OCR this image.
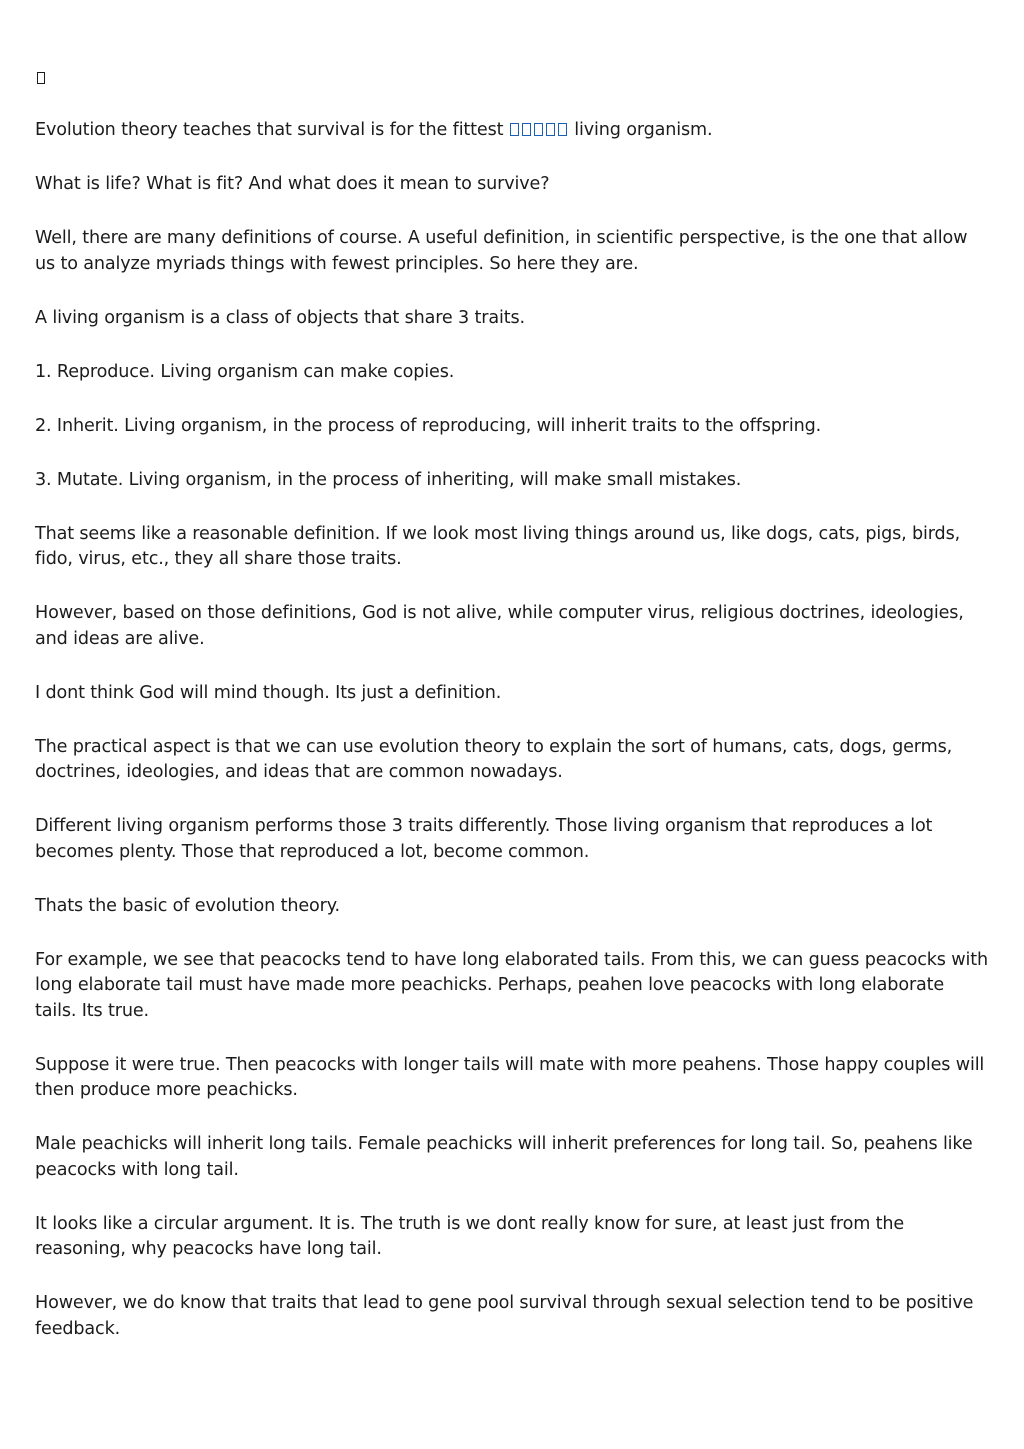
Evolution theory teaches that survival is for the fittest	living organism.

What is life? What is fit? And what does it mean to survive?

Well, there are many definitions of course. A useful definition, in scientific perspective, is the one that allow us to analyze myriads things with fewest principles. So here they are.

A living organism is a class of objects that share 3 traits.

1. Reproduce. Living organism can make copies.

2. Inherit. Living organism, in the process of reproducing, will inherit traits to the offspring.

3. Mutate. Living organism, in the process of inheriting, will make small mistakes.

That seems like a reasonable definition. If we look most living things around us, like dogs, cats, pigs, birds, fido, virus, etc., they all share those traits.

However, based on those definitions, God is not alive, while computer virus, religious doctrines, ideologies, and ideas are alive.

I dont think God will mind though. Its just a definition.

The practical aspect is that we can use evolution theory to explain the sort of humans, cats, dogs, germs, doctrines, ideologies, and ideas that are common nowadays.

Different living organism performs those 3 traits differently. Those living organism that reproduces a lot becomes plenty. Those that reproduced a lot, become common.

Thats the basic of evolution theory.

For example, we see that peacocks tend to have long elaborated tails. From this, we can guess peacocks with long elaborate tail must have made more peachicks. Perhaps, peahen love peacocks with long elaborate tails. Its true.

Suppose it were true. Then peacocks with longer tails will mate with more peahens. Those happy couples will then produce more peachicks.

Male peachicks will inherit long tails. Female peachicks will inherit preferences for long tail. So, peahens like peacocks with long tail.

It looks like a circular argument. It is. The truth is we dont really know for sure, at least just from the reasoning, why peacocks have long tail.

However, we do know that traits that lead to gene pool survival through sexual selection tend to be positive feedback.
